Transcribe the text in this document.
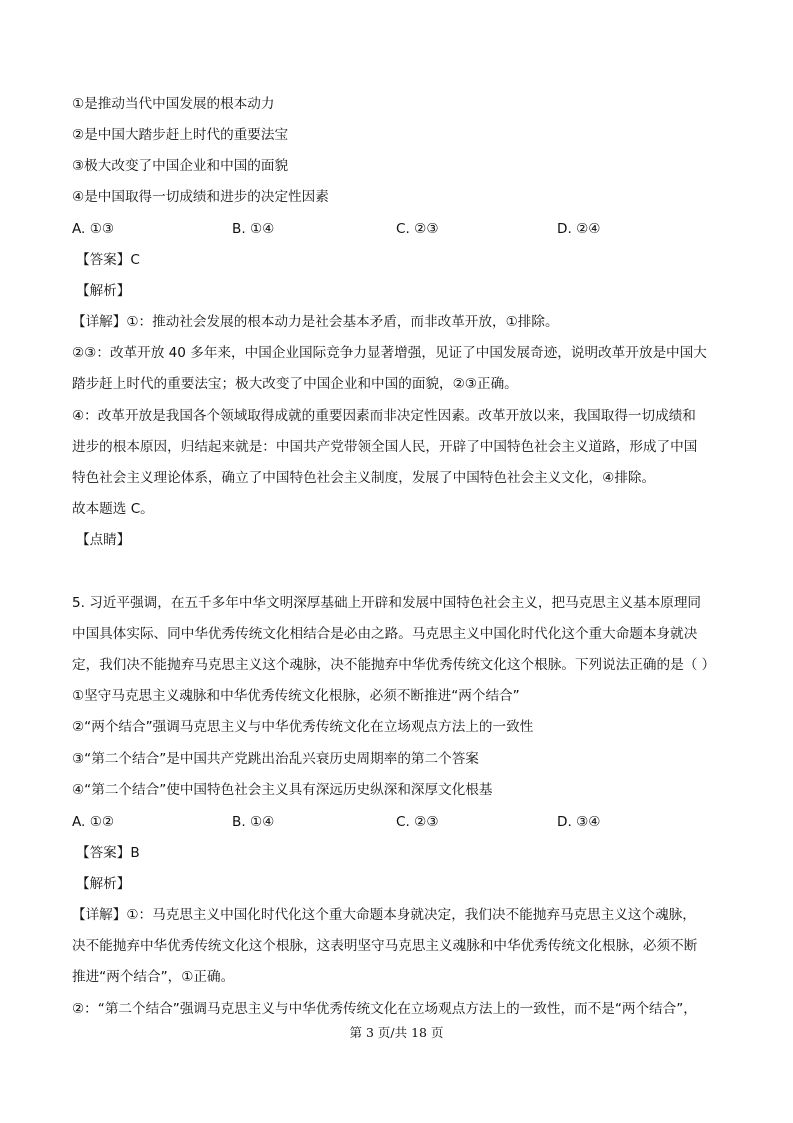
①是推动当代中国发展的根本动力
②是中国大踏步赶上时代的重要法宝
③极大改变了中国企业和中国的面貌
④是中国取得一切成绩和进步的决定性因素
A. ①③	B. ①④	C. ②③	D. ②④
【答案】C
【解析】
【详解】①：推动社会发展的根本动力是社会基本矛盾，而非改革开放，①排除。
②③：改革开放 40 多年来，中国企业国际竞争力显著增强，见证了中国发展奇迹，说明改革开放是中国大
踏步赶上时代的重要法宝；极大改变了中国企业和中国的面貌，②③正确。
④：改革开放是我国各个领域取得成就的重要因素而非决定性因素。改革开放以来，我国取得一切成绩和
进步的根本原因，归结起来就是：中国共产党带领全国人民，开辟了中国特色社会主义道路，形成了中国
特色社会主义理论体系，确立了中国特色社会主义制度，发展了中国特色社会主义文化，④排除。
故本题选 C。
【点睛】
5. 习近平强调，在五千多年中华文明深厚基础上开辟和发展中国特色社会主义，把马克思主义基本原理同
中国具体实际、同中华优秀传统文化相结合是必由之路。马克思主义中国化时代化这个重大命题本身就决
定，我们决不能抛弃马克思主义这个魂脉，决不能抛弃中华优秀传统文化这个根脉。下列说法正确的是（ ）
①坚守马克思主义魂脉和中华优秀传统文化根脉，必须不断推进“两个结合”
②“两个结合”强调马克思主义与中华优秀传统文化在立场观点方法上的一致性
③“第二个结合”是中国共产党跳出治乱兴衰历史周期率的第二个答案
④“第二个结合”使中国特色社会主义具有深远历史纵深和深厚文化根基
A. ①②	B. ①④	C. ②③	D. ③④
【答案】B
【解析】
【详解】①：马克思主义中国化时代化这个重大命题本身就决定，我们决不能抛弃马克思主义这个魂脉，
决不能抛弃中华优秀传统文化这个根脉，这表明坚守马克思主义魂脉和中华优秀传统文化根脉，必须不断
推进“两个结合”，①正确。
②：“第二个结合”强调马克思主义与中华优秀传统文化在立场观点方法上的一致性，而不是“两个结合”，
第 3 页/共 18 页
